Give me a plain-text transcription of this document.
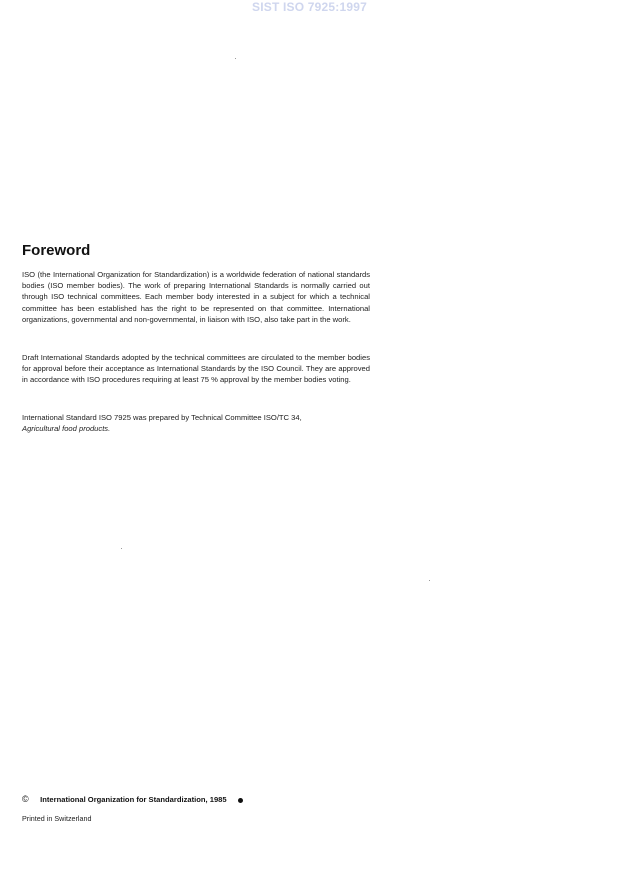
SIST ISO 7925:1997
Foreword
ISO (the International Organization for Standardization) is a worldwide federation of national standards bodies (ISO member bodies). The work of preparing International Standards is normally carried out through ISO technical committees. Each member body interested in a subject for which a technical committee has been established has the right to be represented on that committee. International organizations, governmental and non-governmental, in liaison with ISO, also take part in the work.
Draft International Standards adopted by the technical committees are circulated to the member bodies for approval before their acceptance as International Standards by the ISO Council. They are approved in accordance with ISO procedures requiring at least 75 % approval by the member bodies voting.
International Standard ISO 7925 was prepared by Technical Committee ISO/TC 34,
Agricultural food products.
© International Organization for Standardization, 1985
Printed in Switzerland
